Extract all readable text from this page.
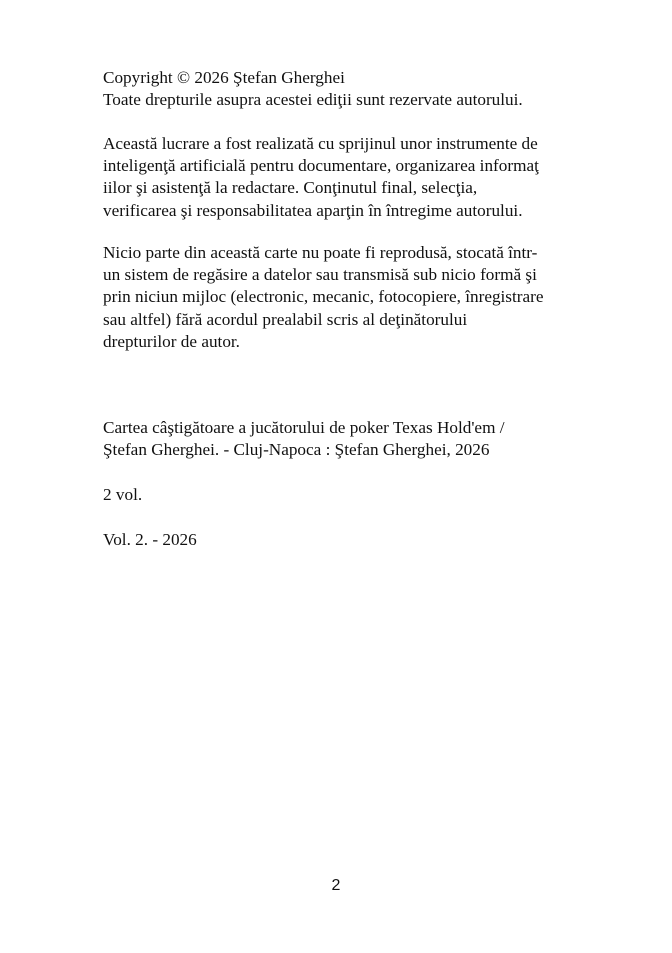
Copyright © 2026 Ştefan Gherghei
Toate drepturile asupra acestei ediţii sunt rezervate autorului.
Această lucrare a fost realizată cu sprijinul unor instrumente de
inteligenţă artificială pentru documentare, organizarea informaţ
iilor şi asistenţă la redactare. Conţinutul final, selecţia,
verificarea şi responsabilitatea aparţin în întregime autorului.
Nicio parte din această carte nu poate fi reprodusă, stocată într-
un sistem de regăsire a datelor sau transmisă sub nicio formă şi
prin niciun mijloc (electronic, mecanic, fotocopiere, înregistrare
sau altfel) fără acordul prealabil scris al deţinătorului
drepturilor de autor.
Cartea câştigătoare a jucătorului de poker Texas Hold'em /
Ştefan Gherghei. - Cluj-Napoca : Ştefan Gherghei, 2026
2 vol.
Vol. 2. - 2026
2
